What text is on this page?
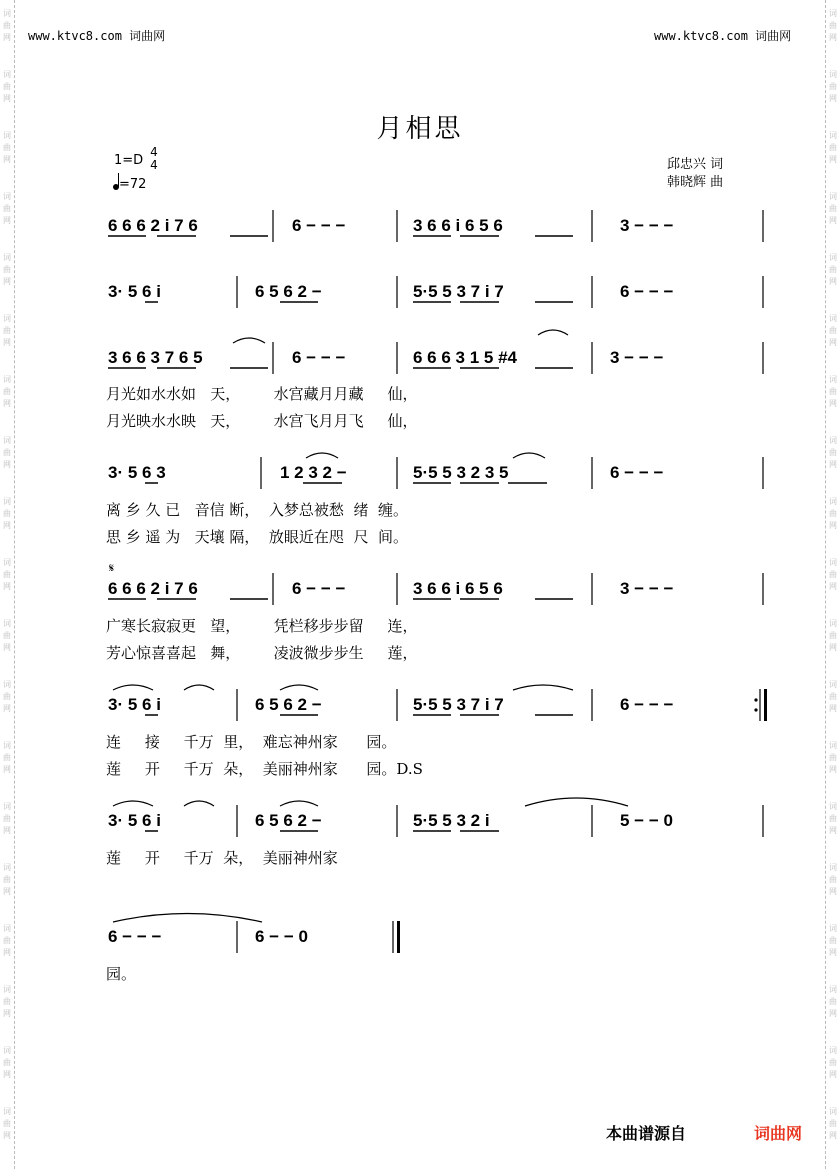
词
曲
网
词
曲
网
词
曲
网
词
曲
网
词
曲
网
词
曲
网
词
曲
网
词
曲
网
词
曲
网
词
曲
网
词
曲
网
词
曲
网
词
曲
网
词
曲
网
词
曲
网
词
曲
网
词
曲
网
词
曲
网
词
曲
网
词
曲
网
词
曲
网
词
曲
网
词
曲
网
词
曲
网
词
曲
网
词
曲
网
词
曲
网
词
曲
网
词
曲
网
词
曲
网
词
曲
网
词
曲
网
词
曲
网
词
曲
网
词
曲
网
词
曲
网
词
曲
网
词
曲
网
www.ktvc8.com 词曲网	www.ktvc8.com 词曲网
月相思
1=D
4
4
=72
邱忠兴 词
韩晓辉 曲
6 6 6 2 i 7 6	6 − − −	3 6 6 i 6 5 6	3 − − −
3· 5 6 i	6 5 6 2 −	5·5 5 3 7 i 7	6 − − −
3 6 6 3 7 6 5	6 − − −	6 6 6 3 1 5 #4	3 − − −
月光如水水如   天，       水宫藏月月藏     仙，
月光映水水映   天，       水宫飞月月飞     仙，
3· 5 6 3	1 2 3 2 −	5·5 5 3 2 3 5	6 − − −
离 乡 久 已   音信 断，  入梦总被愁  绪  缠。
思 乡 遥 为   天壤 隔，  放眼近在咫  尺  间。
6 6 6 2 i 7 6	6 − − −	3 6 6 i 6 5 6	3 − − −
𝄋
广寒长寂寂更   望，       凭栏移步步留     连，
芳心惊喜喜起   舞，       凌波微步步生     莲，
3· 5 6 i	6 5 6 2 −	5·5 5 3 7 i 7	6 − − −
连     接     千万  里，  难忘神州家      园。
莲     开     千万  朵，  美丽神州家      园。D.S
3· 5 6 i	6 5 6 2 −	5·5 5 3 2 i	5 − − 0
莲     开     千万  朵，  美丽神州家
6 − − −	6 − − 0
园。
本曲谱源自	词曲网
